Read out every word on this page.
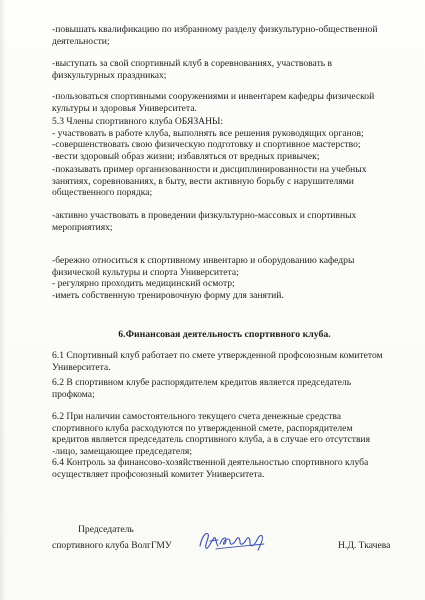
-повышать квалификацию по избранному разделу физкультурно-общественной
деятельности;
-выступать за свой спортивный клуб в соревнованиях, участвовать в
физкультурных праздниках;
-пользоваться спортивными сооружениями и инвентарем кафедры физической
культуры и здоровья Университета.
5.3 Члены спортивного клуба ОБЯЗАНЫ:
- участвовать в работе клуба, выполнять все решения руководящих органов;
-совершенствовать свою физическую подготовку и спортивное мастерство;
-вести здоровый образ жизни; избавляться от вредных привычек;
-показывать пример организованности и дисциплинированности на учебных
занятиях, соревнованиях, в быту, вести активную борьбу с нарушителями
общественного порядка;
-активно участвовать в проведении физкультурно-массовых и спортивных
мероприятиях;
-бережно относиться к спортивному инвентарю и оборудованию кафедры
физической культуры и спорта Университета;
- регулярно проходить медицинский осмотр;
-иметь собственную тренировочную форму для занятий.

6.Финансовая деятельность спортивного клуба.

6.1 Спортивный клуб работает по смете утвержденной профсоюзным комитетом
Университета.
6.2 В спортивном клубе распорядителем кредитов является председатель
профкома;
6.2 При наличии самостоятельного текущего счета денежные средства
спортивного клуба расходуются по утвержденной смете, распорядителем
кредитов является председатель спортивного клуба, а в случае его отсутствия
-лицо, замещающее председателя;
6.4 Контроль за финансово-хозяйственной деятельностью спортивного клуба
осуществляет профсоюзный комитет Университета.
Председатель
спортивного клуба ВолгГМУ	Н.Д. Ткачева
